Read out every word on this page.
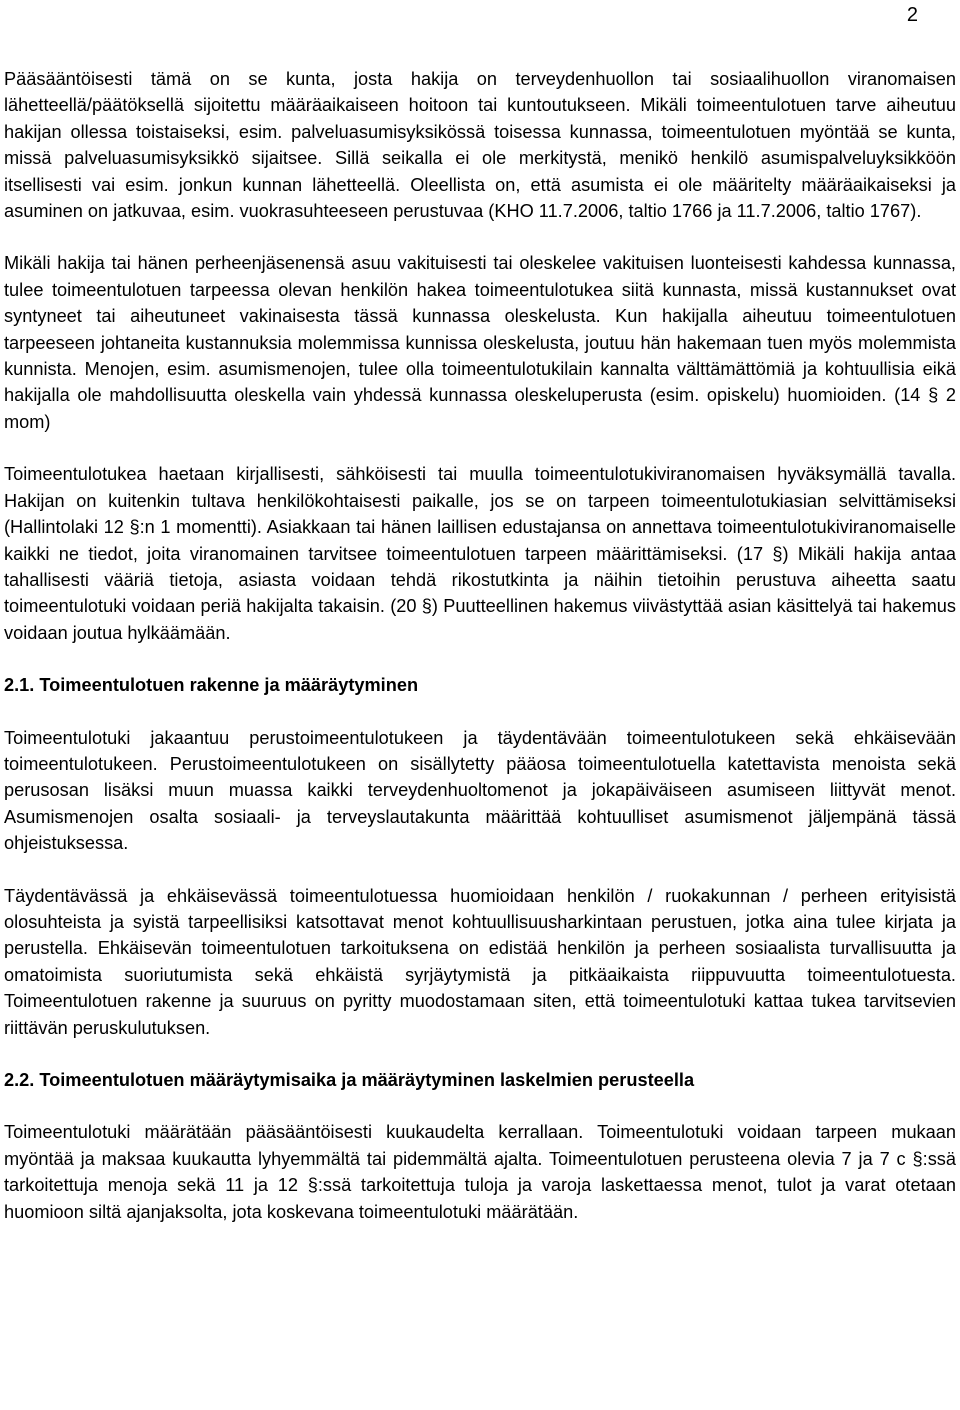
2

Pääsääntöisesti tämä on se kunta, josta hakija on terveydenhuollon tai sosiaalihuollon viranomaisen lähetteellä/päätöksellä sijoitettu määräaikaiseen hoitoon tai kuntoutukseen. Mikäli toimeentulotuen tarve aiheutuu hakijan ollessa toistaiseksi, esim. palveluasumisyksikössä toisessa kunnassa, toimeentulotuen myöntää se kunta, missä palveluasumisyksikkö sijaitsee. Sillä seikalla ei ole merkitystä, menikö henkilö asumispalveluyksikköön itsellisesti vai esim. jonkun kunnan lähetteellä. Oleellista on, että asumista ei ole määritelty määräaikaiseksi ja asuminen on jatkuvaa, esim. vuokrasuhteeseen perustuvaa (KHO 11.7.2006, taltio 1766 ja 11.7.2006, taltio 1767).

Mikäli hakija tai hänen perheenjäsenensä asuu vakituisesti tai oleskelee vakituisen luonteisesti kahdessa kunnassa, tulee toimeentulotuen tarpeessa olevan henkilön hakea toimeentulotukea siitä kunnasta, missä kustannukset ovat syntyneet tai aiheutuneet vakinaisesta tässä kunnassa oleskelusta. Kun hakijalla aiheutuu toimeentulotuen tarpeeseen johtaneita kustannuksia molemmissa kunnissa oleskelusta, joutuu hän hakemaan tuen myös molemmista kunnista. Menojen, esim. asumismenojen, tulee olla toimeentulotukilain kannalta välttämättömiä ja kohtuullisia eikä hakijalla ole mahdollisuutta oleskella vain yhdessä kunnassa oleskeluperusta (esim. opiskelu) huomioiden. (14 § 2 mom)

Toimeentulotukea haetaan kirjallisesti, sähköisesti tai muulla toimeentulotukiviranomaisen hyväksymällä tavalla. Hakijan on kuitenkin tultava henkilökohtaisesti paikalle, jos se on tarpeen toimeentulotukiasian selvittämiseksi (Hallintolaki 12 §:n 1 momentti). Asiakkaan tai hänen laillisen edustajansa on annettava toimeentulotukiviranomaiselle kaikki ne tiedot, joita viranomainen tarvitsee toimeentulotuen tarpeen määrittämiseksi. (17 §) Mikäli hakija antaa tahallisesti vääriä tietoja, asiasta voidaan tehdä rikostutkinta ja näihin tietoihin perustuva aiheetta saatu toimeentulotuki voidaan periä hakijalta takaisin. (20 §) Puutteellinen hakemus viivästyttää asian käsittelyä tai hakemus voidaan joutua hylkäämään.

2.1. Toimeentulotuen rakenne ja määräytyminen

Toimeentulotuki jakaantuu perustoimeentulotukeen ja täydentävään toimeentulotukeen sekä ehkäisevään toimeentulotukeen. Perustoimeentulotukeen on sisällytetty pääosa toimeentulotuella katettavista menoista sekä perusosan lisäksi muun muassa kaikki terveydenhuoltomenot ja jokapäiväiseen asumiseen liittyvät menot. Asumismenojen osalta sosiaali- ja terveyslautakunta määrittää kohtuulliset asumismenot jäljempänä tässä ohjeistuksessa.

Täydentävässä ja ehkäisevässä toimeentulotuessa huomioidaan henkilön / ruokakunnan / perheen erityisistä olosuhteista ja syistä tarpeellisiksi katsottavat menot kohtuullisuusharkintaan perustuen, jotka aina tulee kirjata ja perustella. Ehkäisevän toimeentulotuen tarkoituksena on edistää henkilön ja perheen sosiaalista turvallisuutta ja omatoimista suoriutumista sekä ehkäistä syrjäytymistä ja pitkäaikaista riippuvuutta toimeentulotuesta. Toimeentulotuen rakenne ja suuruus on pyritty muodostamaan siten, että toimeentulotuki kattaa tukea tarvitsevien riittävän peruskulutuksen.

2.2. Toimeentulotuen määräytymisaika ja määräytyminen laskelmien perusteella

Toimeentulotuki määrätään pääsääntöisesti kuukaudelta kerrallaan. Toimeentulotuki voidaan tarpeen mukaan myöntää ja maksaa kuukautta lyhyemmältä tai pidemmältä ajalta. Toimeentulotuen perusteena olevia 7 ja 7 c §:ssä tarkoitettuja menoja sekä 11 ja 12 §:ssä tarkoitettuja tuloja ja varoja laskettaessa menot, tulot ja varat otetaan huomioon siltä ajanjaksolta, jota koskevana toimeentulotuki määrätään.
